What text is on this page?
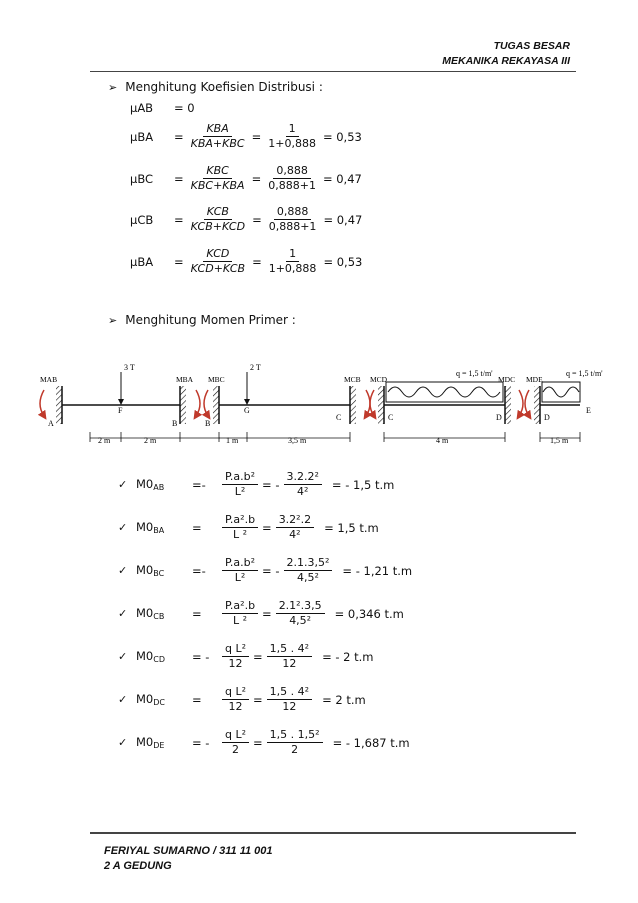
TUGAS BESAR
MEKANIKA REKAYASA III
➢ Menghitung Koefisien Distribusi :
μAB	= 0
μBA	= $\frac{\text{KBA}}{\text{KBA+KBC}} = \frac{1}{1+0,888} = 0,53$
μBC	= $\frac{\text{KBC}}{\text{KBC+KBA}} = \frac{0,888}{0,888+1} = 0,47$
μCB	= $\frac{\text{KCB}}{\text{KCB+KCD}} = \frac{0,888}{0,888+1} = 0,47$
μBA	= $\frac{\text{KCD}}{\text{KCD+KCB}} = \frac{1}{1+0,888} = 0,53$
➢ Menghitung Momen Primer :
MAB	MBA MBC	MCB MCD	MDC MDE
3 T	2 T
q = 1,5 t/m'	q = 1,5 t/m'
A
F
B	B
G
C	C	D	D
E
2 m	2 m	1 m	3,5 m	4 m	1,5 m
✓ $M0_{AB}$	=-	$\frac{\text{P.a.b²}}{\text{L²}}$ = - $\frac{\text{3.2.2²}}{\text{4²}}$ = - 1,5 t.m
✓ $M0_{BA}$	=	$\frac{\text{P.a².b}}{\text{L ²}} = \frac{\text{3.2².2}}{\text{4²}} = 1,5$ t.m
✓ $M0_{BC}$	=-	$\frac{\text{P.a.b²}}{\text{L²}}$ = - $\frac{\text{2.1.3,5²}}{\text{4,5²}}$ = - 1,21 t.m
✓ $M0_{CB}$	=	$\frac{\text{P.a².b}}{\text{L ²}} = \frac{\text{2.1².3,5}}{\text{4,5²}} = 0,346$ t.m
✓ $M0_{CD}$	= -	$\frac{\text{q L²}}{12} = \frac{\text{1,5 . 4²}}{12}$ = - 2 t.m
✓ $M0_{DC}$	=	$\frac{\text{q L²}}{12} = \frac{\text{1,5 . 4²}}{12} = 2$ t.m
✓ $M0_{DE}$	= -	$\frac{\text{q L²}}{2} = \frac{\text{1,5 . 1,5²}}{2}$ = - 1,687 t.m
FERIYAL SUMARNO / 311 11 001
2 A GEDUNG
